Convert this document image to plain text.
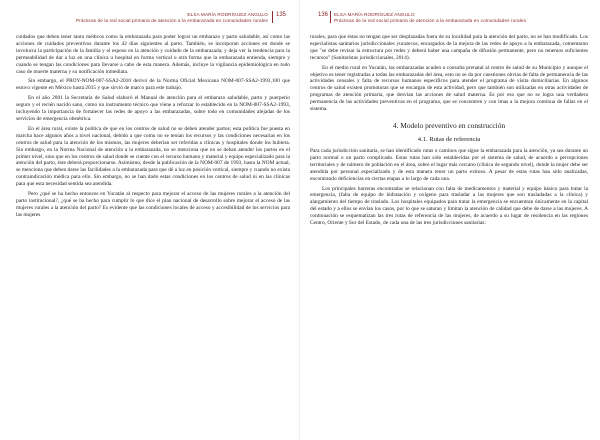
ELSA MARÍA RODRÍGUEZ ANGULO
Prácticas de la red social primaria de atención a la embarazada en comunidades rurales
135

cuidados que deben tener tanto médicos como la embarazada para poder lograr un embarazo y parto saludable, así como las acciones de cuidados preventivos durante los 42 días siguientes al parto. También, se incorporan acciones en donde se involucra la participación de la familia y el esposo en la atención y cuidado de la embarazada; y deja ver la tendencia para la permeabilidad de dar a luz en una clínica u hospital en forma vertical u otra forma que la embarazada entienda, siempre y cuando se tengan las condiciones para llevarse a cabo de esta manera. Además, incluye la vigilancia epidemiológica en todo caso de muerte materna y su notificación inmediata.

Sin embargo, el PROY-NOM-007-SSA2-2010 derivó de la Norma Oficial Mexicana NOM-007-SSA2-1993,100 que estuvo vigente en México hasta 2015 y que sirvió de marco para este trabajo.

En el año 2001 la Secretaría de Salud elaboró el Manual de atención para el embarazo saludable, parto y puerperio seguro y el recién nacido sano, como un instrumento técnico que viene a reforzar lo establecido en la NOM-007-SSA2-1993, incluyendo la importancia de fortalecer las redes de apoyo a las embarazadas, sobre todo en comunidades alejadas de los servicios de emergencia obstétrica.

En el área rural, existe la política de que en los centros de salud no se deben atender partos; esta política fue puesta en marcha hace algunos años a nivel nacional, debido a que como no se tenían los recursos y las condiciones necesarias en los centros de salud para la atención de los mismos, las mujeres deberían ser referidas a clínicas y hospitales donde los hubiera. Sin embargo, en la Norma Nacional de atención a la embarazada, no se menciona que no se deban atender los partos en el primer nivel, sino que en los centros de salud donde se cuente con el recurso humano y material y equipo especializado para la atención del parto, éste deberá proporcionarse. Asimismo, desde la publicación de la NOM-007 de 1993, hasta la NOM actual, se menciona que deben darse las facilidades a la embarazada para que dé a luz en posición vertical, siempre y cuando no exista contraindicación médica para ello. Sin embargo, no se han dado estas condiciones en los centros de salud ni en las clínicas para que esta necesidad sentida sea atendida.

Pero ¿qué se ha hecho entonces en Yucatán al respecto para mejorar el acceso de las mujeres rurales a la atención del parto institucional?, ¿qué se ha hecho para cumplir lo que dice el plan nacional de desarrollo sobre mejorar el acceso de las mujeres rurales a la atención del parto? Es evidente que las condiciones locales de acceso y accesibilidad de los servicios para las mujeres

136 ELSA MARÍA RODRÍGUEZ ANGULO
Prácticas de la red social primaria de atención a la embarazada en comunidades rurales

rurales, para que éstas no tengan que ser desplazadas fuera de su localidad para la atención del parto, no se han modificado. Los especialistas sanitarios jurisdiccionales yucatecos, encargados de la mejora de las redes de apoyo a la embarazada, comentaron que "se debe revisar la estructura por redes y deberá haber una campaña de difusión permanente, pero no tenemos suficientes recursos" (Sanitaristas jurisdiccionales, 2014).

En el medio rural en Yucatán, las embarazadas acuden a consulta prenatal al centro de salud de su Municipio y aunque el objetivo es tener registradas a todas las embarazadas del área, esto no se da por cuestiones obvias de falta de permanencia de las actividades censales y falta de recursos humanos específicos para atender el programa de visita domiciliarias. En algunos centros de salud existen promotoras que se encargan de esta actividad, pero que también son utilizadas en otras actividades de programas de atención primaria, que desvían las acciones de salud materna. Es por eso que no se logra una verdadera permanencia de las actividades preventivas en el programa, que se concentren y con ímas a la mejora continua de fallas en el sistema.

4. Modelo preventivo en construcción
4.1. Rutas de referencia

Para cada jurisdicción sanitaria, se han identificado rutas o caminos que sigue la embarazada para la atención, ya sea durante un parto normal o un parto complicado. Estas rutas han sido establecidas por el sistema de salud, de acuerdo a percepciones territoriales y de número de población en el área, sobre el lugar más cercano (clínica de segundo nivel), donde la mujer debe ser atendida por personal especializado y de esta manera tener un parto exitoso. A pesar de estas rutas han sido analizadas, encontrando deficiencias en ciertas etapas a lo largo de cada una.

Los principales barreras encontradas se relacionan con falta de medicamentos y material y equipo básico para tratar la emergencia, (falta de equipo de hidratación y oxígeno para trasladar a las mujeres que son trasladadas a la clínica) y alargamiento del tiempo de traslado. Los hospitales equipados para tratar la emergencia se encuentran únicamente en la capital del estado y a ellos se envían los casos, por lo que se saturan y limitan la atención de calidad que debe de darse a las mujeres. A continuación se esquematizan las tres rutas de referencia de las mujeres, de acuerdo a su lugar de residencia en las regiones Centro, Oriente y Sur del Estado, de cada una de las tres jurisdicciones sanitarias:
